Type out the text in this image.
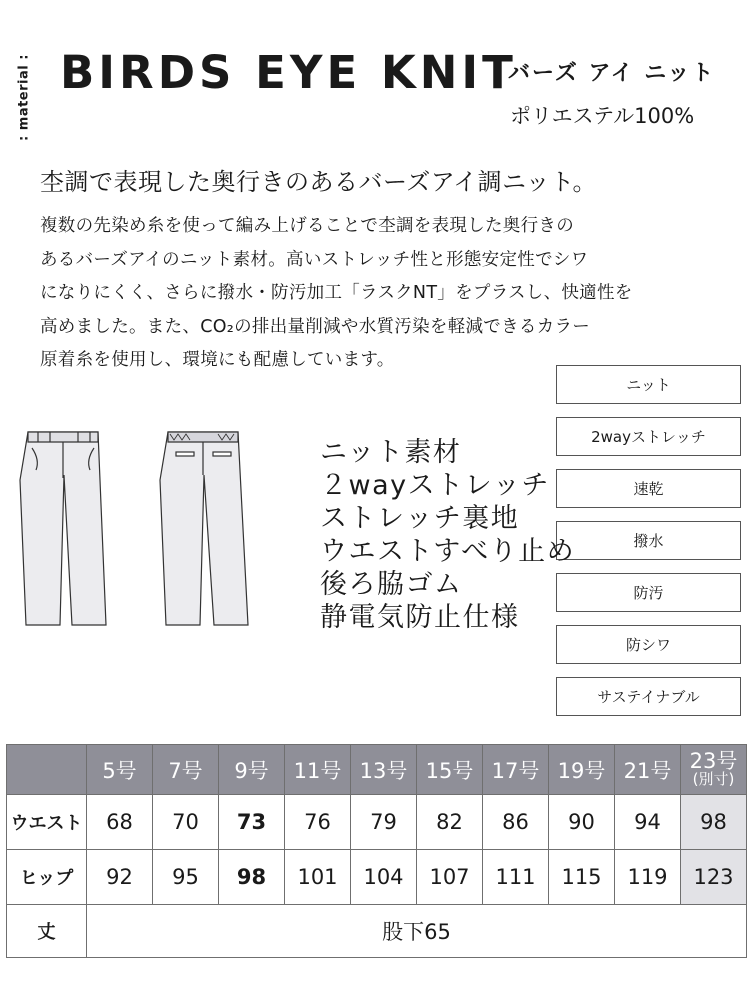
: material : BIRDS EYE KNIT
バーズ アイ ニット
ポリエステル100%
杢調で表現した奥行きのあるバーズアイ調ニット。
複数の先染め糸を使って編み上げることで杢調を表現した奥行きの
あるバーズアイのニット素材。高いストレッチ性と形態安定性でシワ
になりにくく、さらに撥水・防汚加工「ラスクNT」をプラスし、快適性を
高めました。また、CO₂の排出量削減や水質汚染を軽減できるカラー
原着糸を使用し、環境にも配慮しています。
ニット
2wayストレッチ
速乾
撥水
防汚
防シワ
サステイナブル
ニット素材
２wayストレッチ
ストレッチ裏地
ウエストすべり止め
後ろ脇ゴム
静電気防止仕様
	5号	7号	9号	11号	13号	15号	17号	19号	21号	23号
(別寸)

ウエスト	68	70	73	76	79	82	86	90	94	98
ヒップ	92	95	98	101	104	107	111	115	119	123
丈	股下65									
